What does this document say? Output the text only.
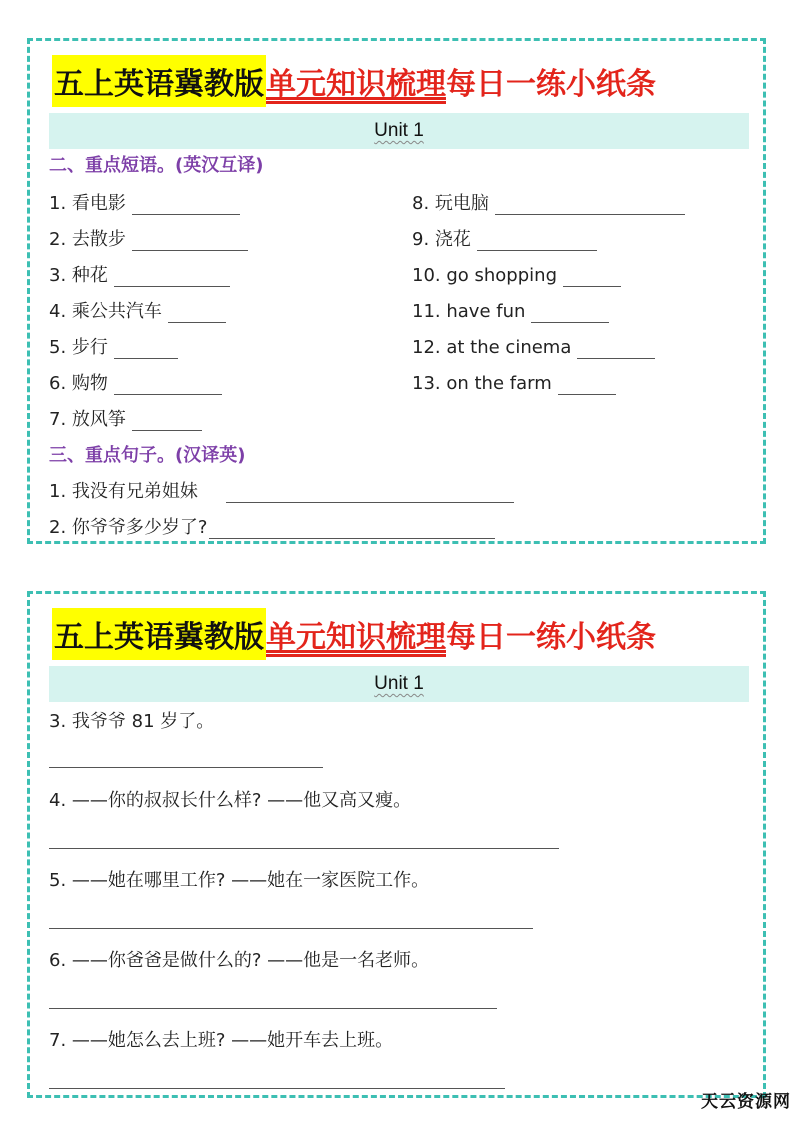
五上英语冀教版 单元知识梳理每日一练小纸条
Unit 1
二、重点短语。(英汉互译)
1. 看电影
2. 去散步
3. 种花
4. 乘公共汽车
5. 步行
6. 购物
7. 放风筝
8. 玩电脑
9. 浇花
10. go shopping
11. have fun
12. at the cinema
13. on the farm
三、重点句子。(汉译英)
1. 我没有兄弟姐妹
2. 你爷爷多少岁了?
五上英语冀教版 单元知识梳理每日一练小纸条
Unit 1
3. 我爷爷 81 岁了。
4. ——你的叔叔长什么样? ——他又高又瘦。
5. ——她在哪里工作? ——她在一家医院工作。
6. ——你爸爸是做什么的? ——他是一名老师。
7. ——她怎么去上班? ——她开车去上班。
天云资源网
